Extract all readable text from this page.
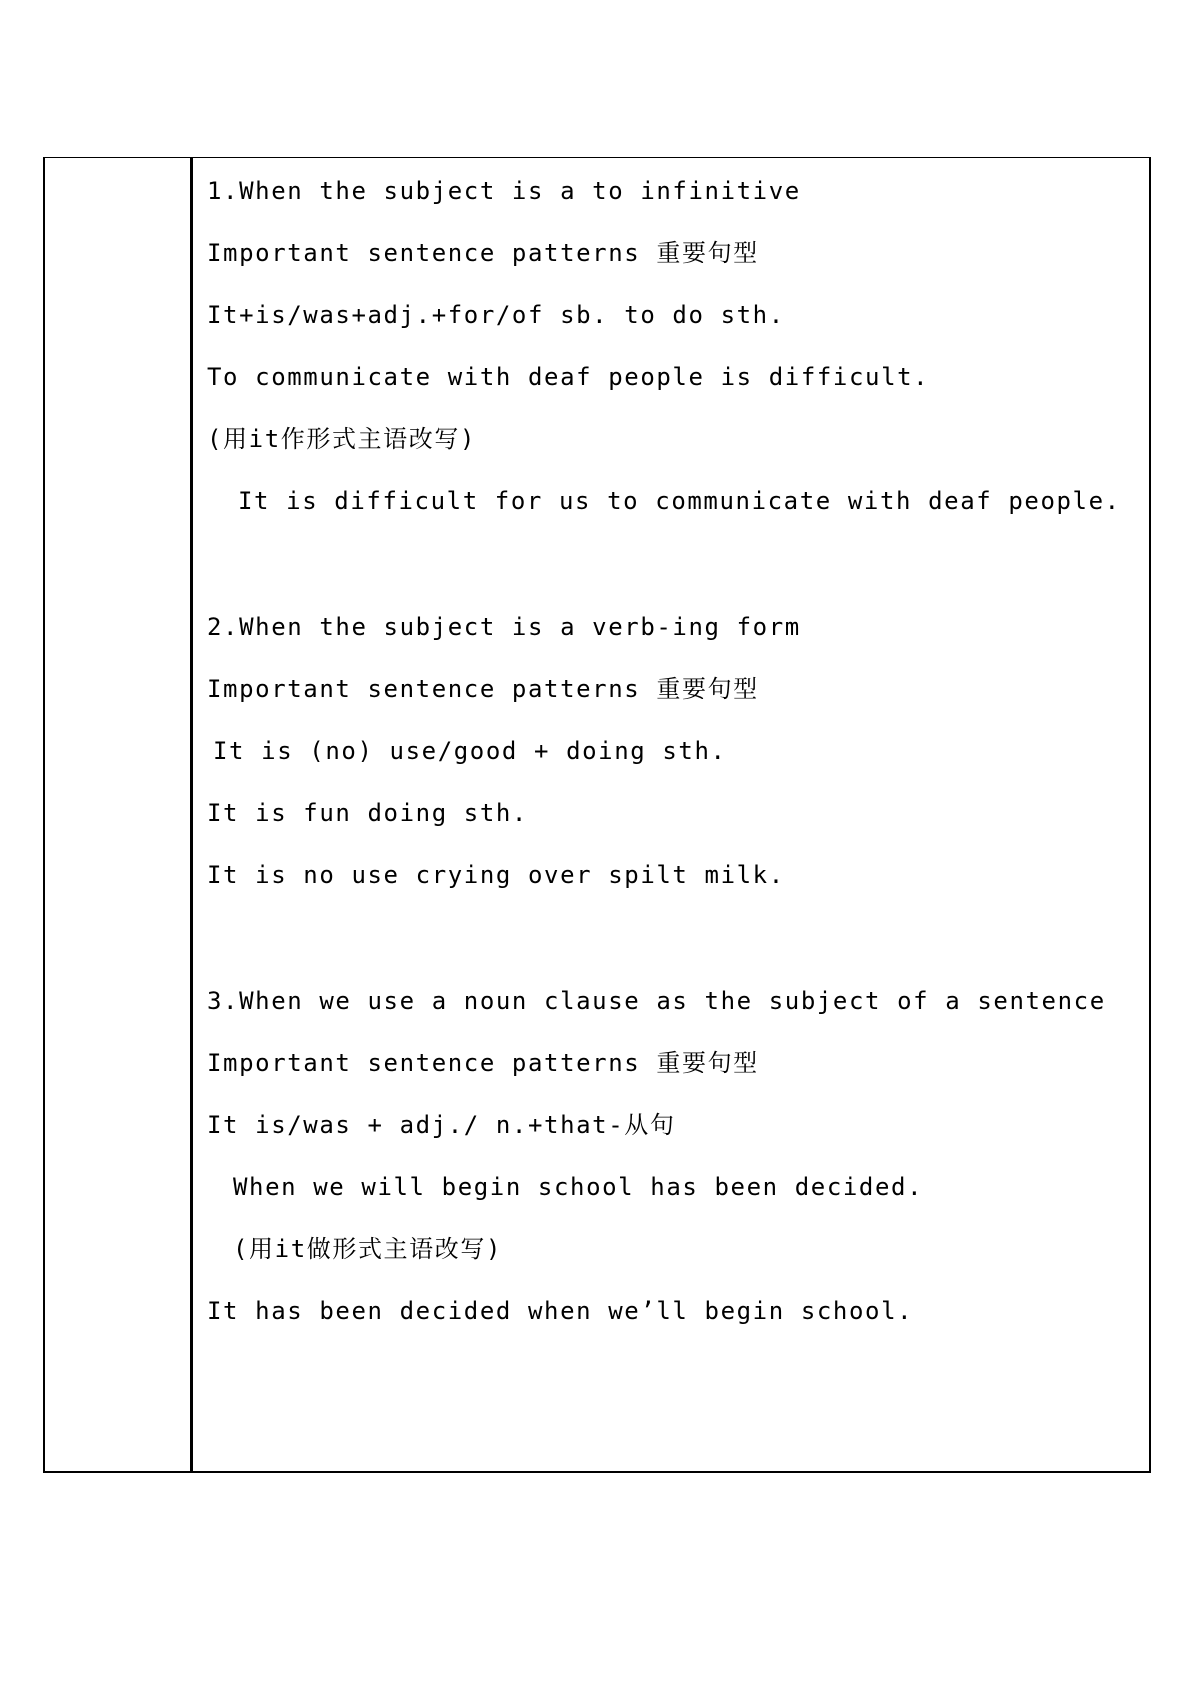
1.When the subject is a to infinitive
Important sentence patterns 重要句型
It+is/was+adj.+for/of sb. to do sth.
To communicate with deaf people is difficult.
(用it作形式主语改写)
It is difficult for us to communicate with deaf people.
2.When the subject is a verb-ing form
Important sentence patterns 重要句型
It is (no) use/good + doing sth.
It is fun doing sth.
It is no use crying over spilt milk.
3.When we use a noun clause as the subject of a sentence
Important sentence patterns 重要句型
It is/was + adj./ n.+that-从句
When we will begin school has been decided.
(用it做形式主语改写)
It has been decided when we’ll begin school.
